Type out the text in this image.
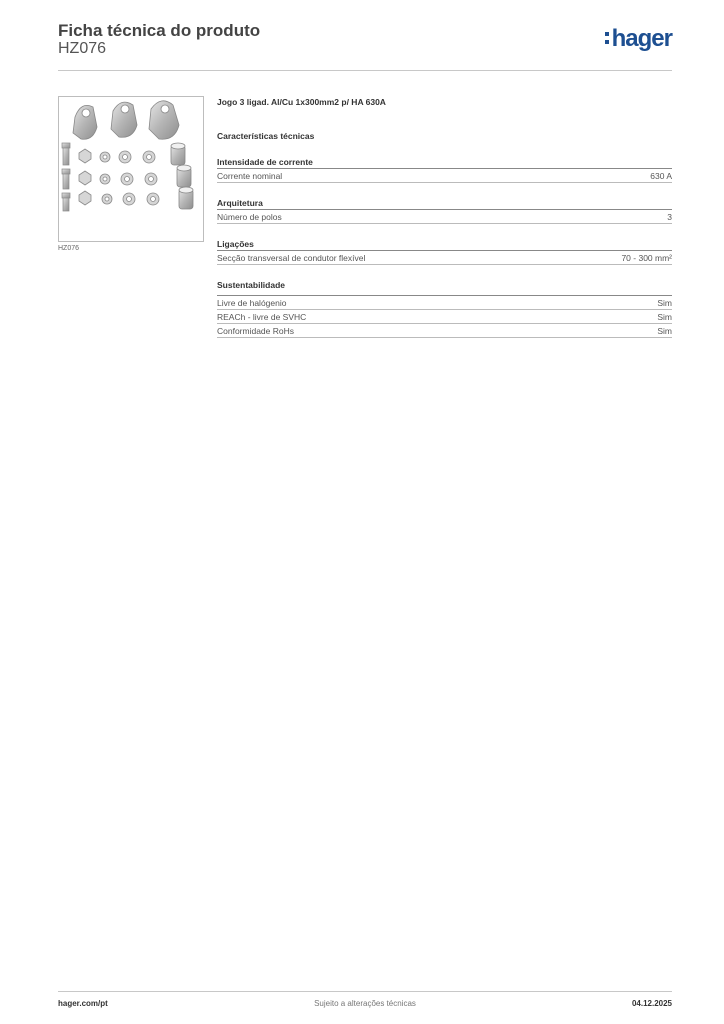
Ficha técnica do produto
HZ076	hager
HZ076
Jogo 3 ligad. Al/Cu 1x300mm2 p/ HA 630A
Características técnicas
Intensidade de corrente
Corrente nominal	630 A
Arquitetura
Número de polos	3
Ligações
Secção transversal de condutor flexível	70 - 300 mm²
Sustentabilidade
Livre de halógenio	Sim
REACh - livre de SVHC	Sim
Conformidade RoHs	Sim
hager.com/pt	Sujeito a alterações técnicas	04.12.2025
